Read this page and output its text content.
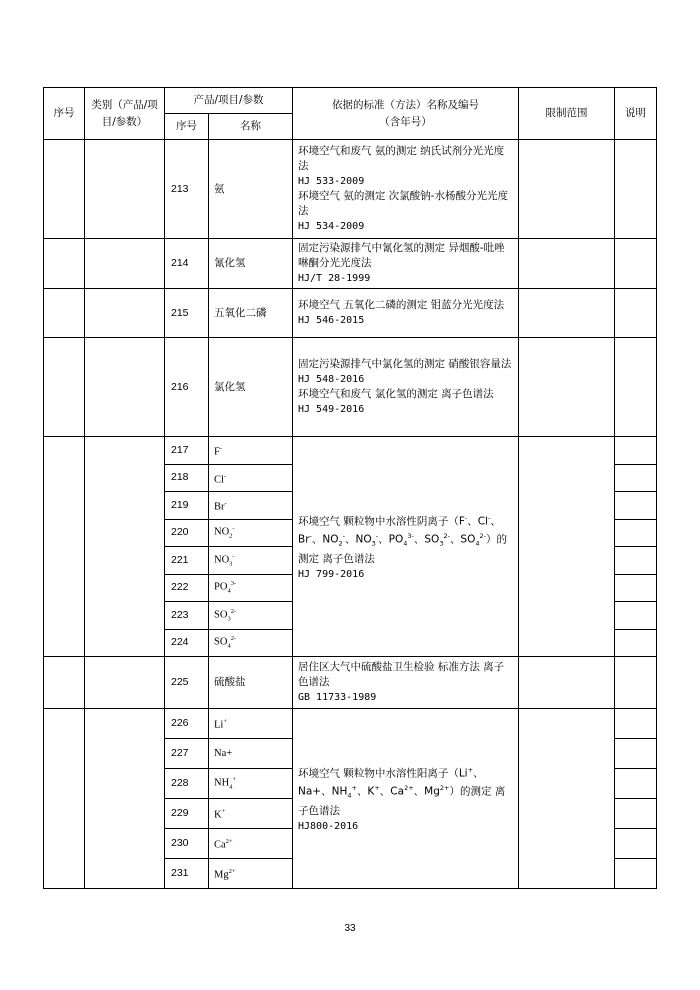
序号	类别（产品/项目/参数）	产品/项目/参数		依据的标准（方法）名称及编号（含年号）	限制范围	说明
		序号	名称			
		213	氨	环境空气和废气 氨的测定 纳氏试剂分光光度法
HJ 533-2009
环境空气 氨的测定 次氯酸钠-水杨酸分光光度法
HJ 534-2009		

		214	氰化氢	固定污染源排气中氰化氢的测定 异烟酸-吡唑啉酮分光光度法
HJ/T 28-1999		

		215	五氧化二磷	环境空气 五氧化二磷的测定 钼蓝分光光度法
HJ 546-2015		

		216	氯化氢	固定污染源排气中氯化氢的测定 硝酸银容量法
HJ 548-2016
环境空气和废气 氯化氢的测定 离子色谱法
HJ 549-2016		

		217	F-	环境空气 颗粒物中水溶性阴离子（F-、Cl-、Br-、$NO_2^-$、$NO_3^-$、$PO_4^{3-}$、$SO_3^{2-}$、$SO_4^{2-}$）的测定 离子色谱法
HJ 799-2016		

		218	Cl-	
		219	Br-	
		220	$NO_2^-$	
		221	$NO_3^-$	
		222	$PO_4^{3-}$	
		223	$SO_3^{2-}$	
		224	$SO_4^{2-}$	
		225	硫酸盐	居住区大气中硫酸盐卫生检验 标准方法 离子色谱法
GB 11733-1989		

		226	Li+	环境空气 颗粒物中水溶性阳离子（Li+、Na+、$NH_4^+$、K+、$Ca^{2+}$、$Mg^{2+}$）的测定 离子色谱法
HJ800-2016		

		227	Na+			
		228	$NH_4^+$	
		229	K+	
		230	$Ca^{2+}$	
		231	$Mg^{2+}$	
33
